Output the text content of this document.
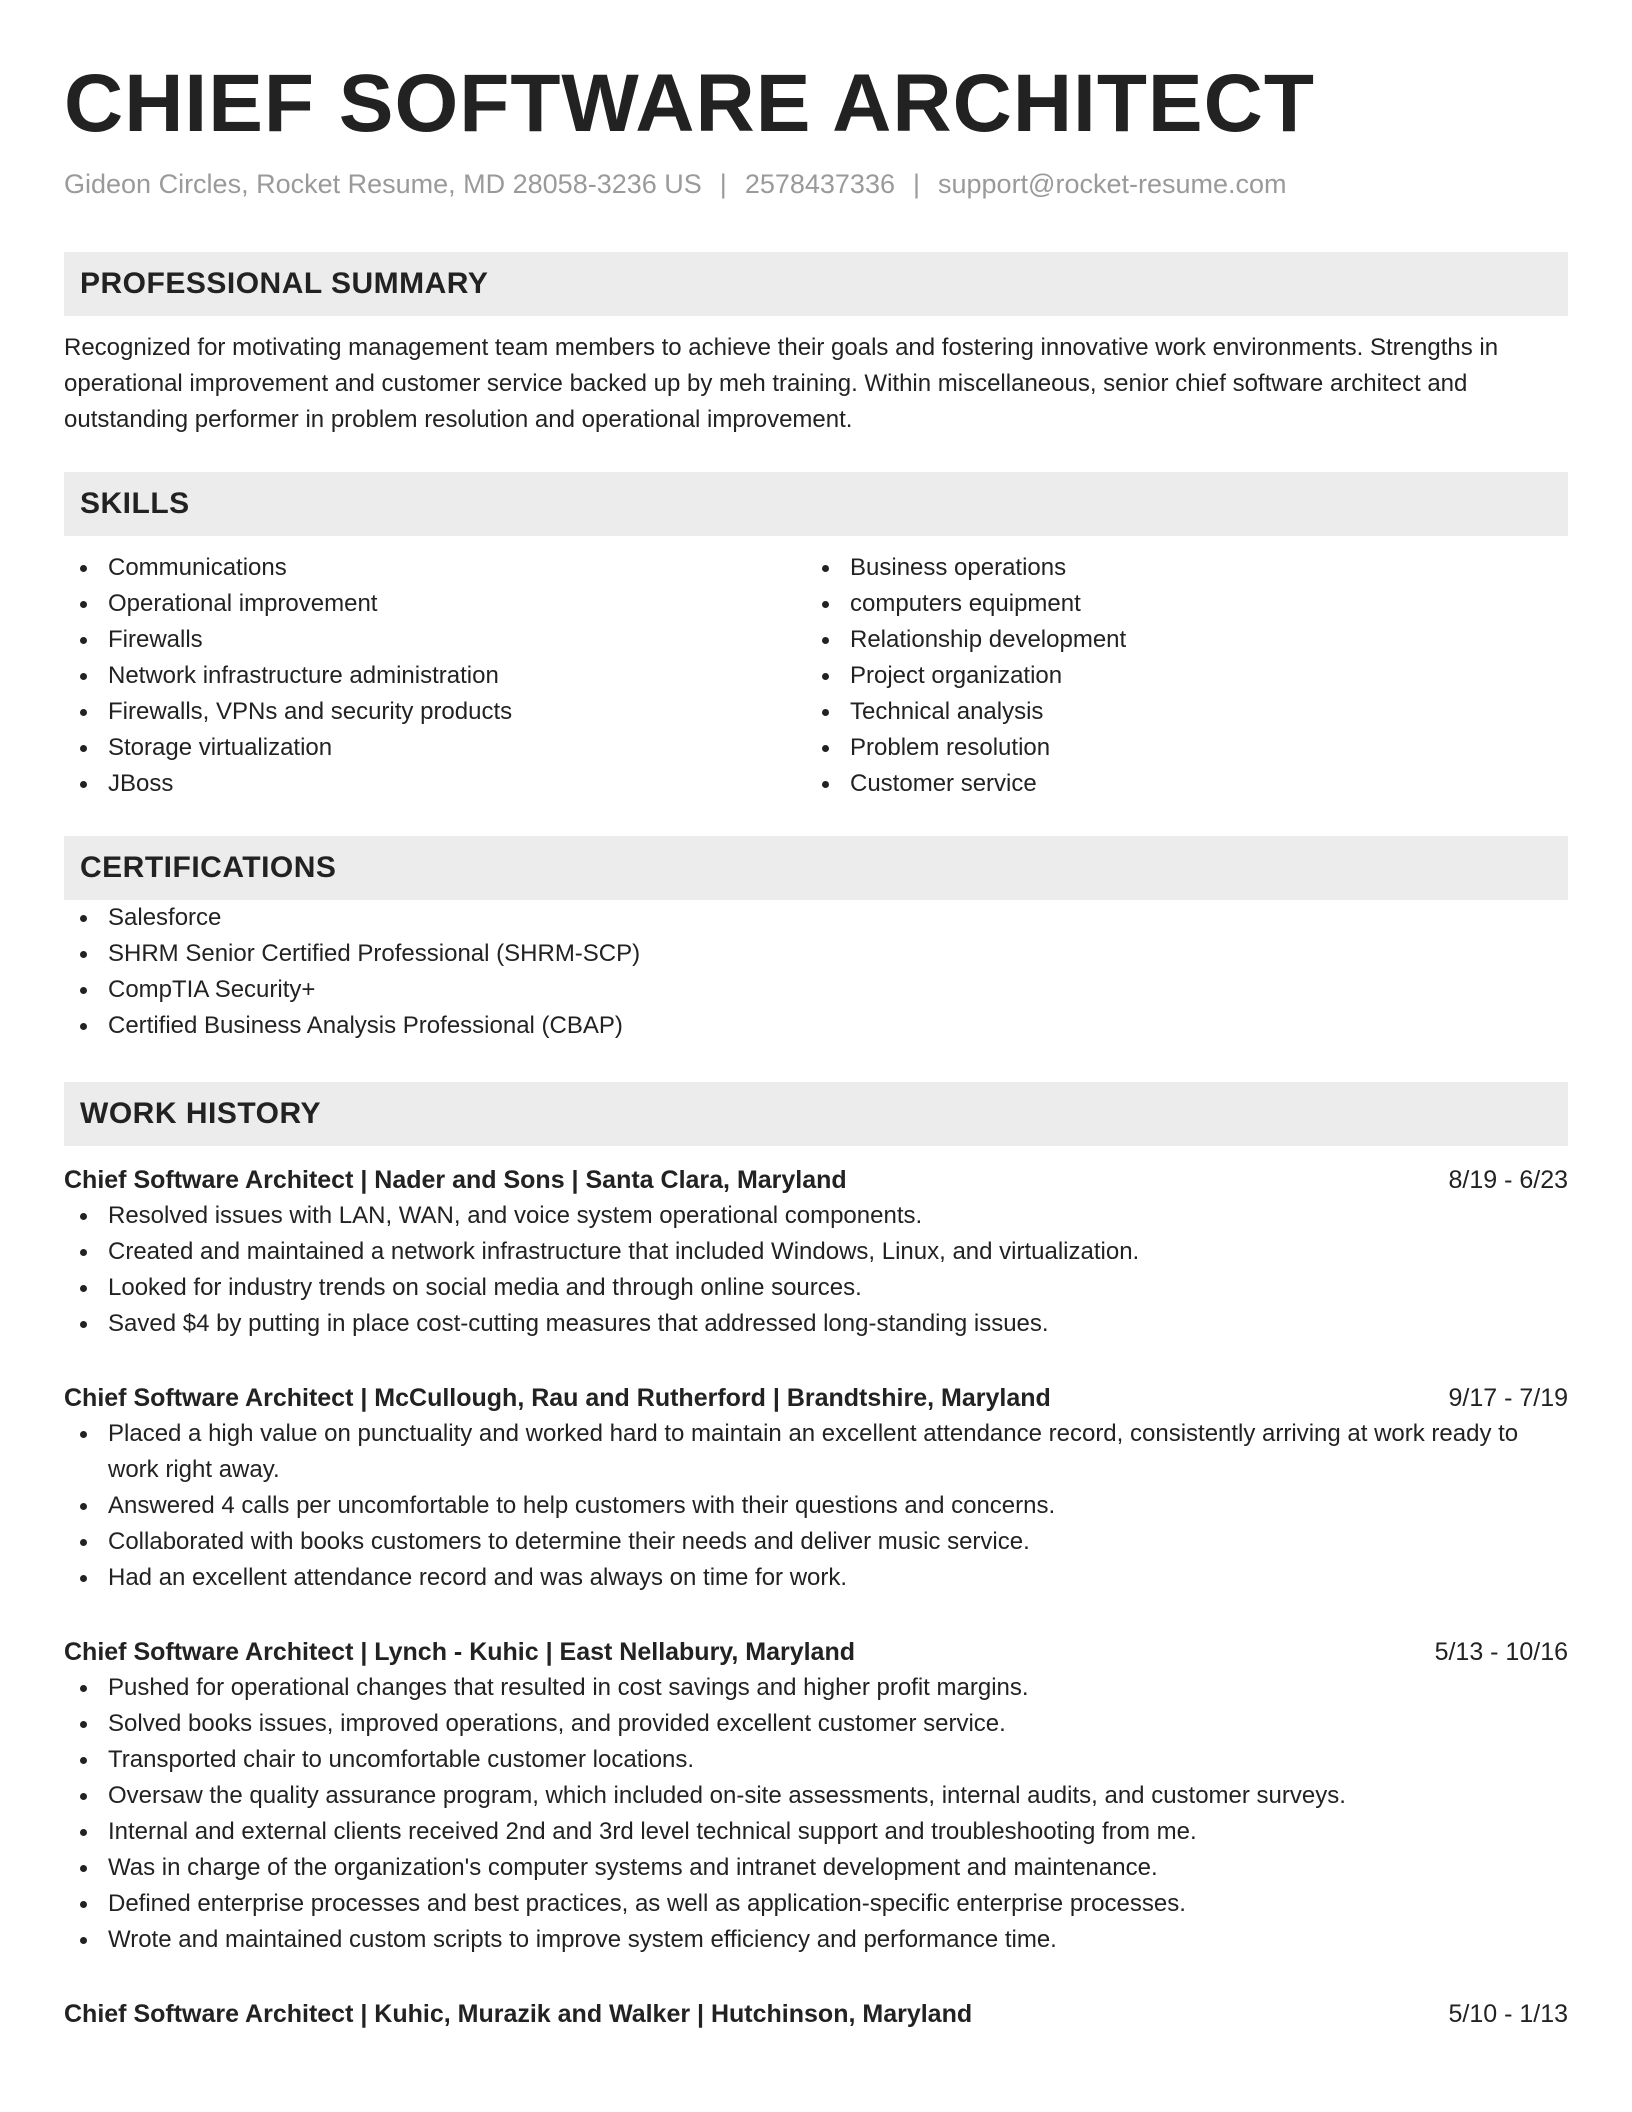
CHIEF SOFTWARE ARCHITECT
Gideon Circles, Rocket Resume, MD 28058-3236 US | 2578437336 | support@rocket-resume.com
PROFESSIONAL SUMMARY
Recognized for motivating management team members to achieve their goals and fostering innovative work environments. Strengths in operational improvement and customer service backed up by meh training. Within miscellaneous, senior chief software architect and outstanding performer in problem resolution and operational improvement.
SKILLS
Communications
Operational improvement
Firewalls
Network infrastructure administration
Firewalls, VPNs and security products
Storage virtualization
JBoss
Business operations
computers equipment
Relationship development
Project organization
Technical analysis
Problem resolution
Customer service
CERTIFICATIONS
Salesforce
SHRM Senior Certified Professional (SHRM-SCP)
CompTIA Security+
Certified Business Analysis Professional (CBAP)
WORK HISTORY
Chief Software Architect | Nader and Sons | Santa Clara, Maryland	8/19 - 6/23
Resolved issues with LAN, WAN, and voice system operational components.
Created and maintained a network infrastructure that included Windows, Linux, and virtualization.
Looked for industry trends on social media and through online sources.
Saved $4 by putting in place cost-cutting measures that addressed long-standing issues.
Chief Software Architect | McCullough, Rau and Rutherford | Brandtshire, Maryland	9/17 - 7/19
Placed a high value on punctuality and worked hard to maintain an excellent attendance record, consistently arriving at work ready to work right away.
Answered 4 calls per uncomfortable to help customers with their questions and concerns.
Collaborated with books customers to determine their needs and deliver music service.
Had an excellent attendance record and was always on time for work.
Chief Software Architect | Lynch - Kuhic | East Nellabury, Maryland	5/13 - 10/16
Pushed for operational changes that resulted in cost savings and higher profit margins.
Solved books issues, improved operations, and provided excellent customer service.
Transported chair to uncomfortable customer locations.
Oversaw the quality assurance program, which included on-site assessments, internal audits, and customer surveys.
Internal and external clients received 2nd and 3rd level technical support and troubleshooting from me.
Was in charge of the organization's computer systems and intranet development and maintenance.
Defined enterprise processes and best practices, as well as application-specific enterprise processes.
Wrote and maintained custom scripts to improve system efficiency and performance time.
Chief Software Architect | Kuhic, Murazik and Walker | Hutchinson, Maryland	5/10 - 1/13
